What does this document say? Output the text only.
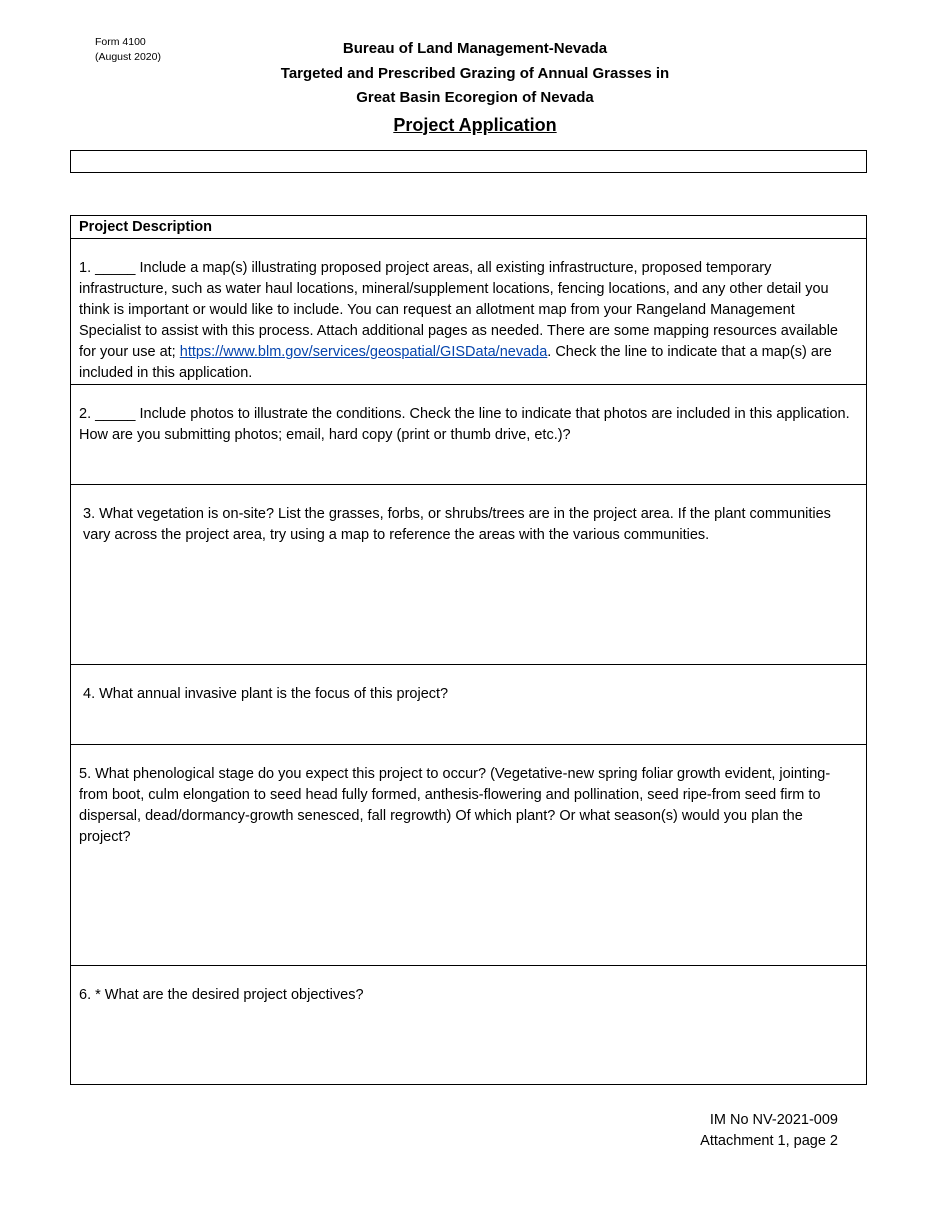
Form 4100
(August 2020)	Bureau of Land Management-Nevada
Targeted and Prescribed Grazing of Annual Grasses in
Great Basin Ecoregion of Nevada
Project Application
Project Description

1. _____ Include a map(s) illustrating proposed project areas, all existing infrastructure, proposed temporary infrastructure, such as water haul locations, mineral/supplement locations, fencing locations, and any other detail you think is important or would like to include. You can request an allotment map from your Rangeland Management Specialist to assist with this process. Attach additional pages as needed. There are some mapping resources available for your use at; https://www.blm.gov/services/geospatial/GISData/nevada. Check the line to indicate that a map(s) are included in this application.

2. _____ Include photos to illustrate the conditions. Check the line to indicate that photos are included in this application. How are you submitting photos; email, hard copy (print or thumb drive, etc.)?

3. What vegetation is on-site? List the grasses, forbs, or shrubs/trees are in the project area. If the plant communities vary across the project area, try using a map to reference the areas with the various communities.

4. What annual invasive plant is the focus of this project?

5. What phenological stage do you expect this project to occur? (Vegetative-new spring foliar growth evident, jointing-from boot, culm elongation to seed head fully formed, anthesis-flowering and pollination, seed ripe-from seed firm to dispersal, dead/dormancy-growth senesced, fall regrowth) Of which plant? Or what season(s) would you plan the project?

6. * What are the desired project objectives?
IM No NV-2021-009
Attachment 1, page 2
